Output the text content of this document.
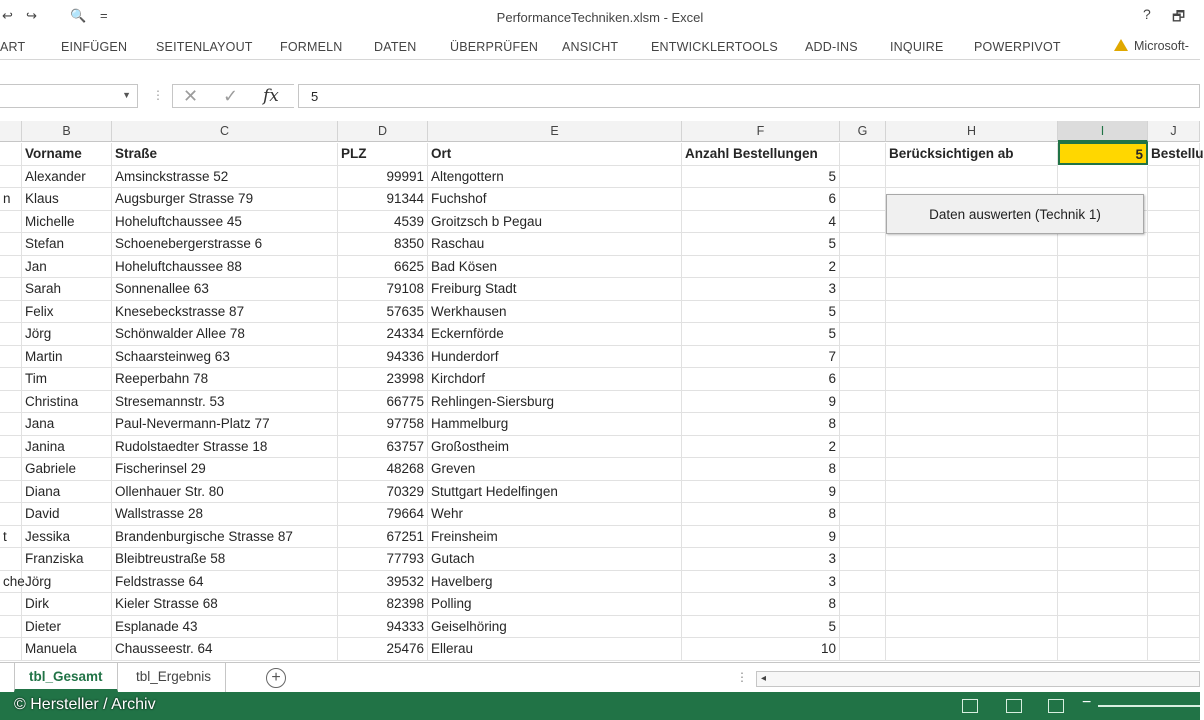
↩ ↪	🔍 =	PerformanceTechniken.xlsm - Excel	? 🗗
ART	EINFÜGEN SEITENLAYOUT FORMELN	DATEN	ÜBERPRÜFEN ANSICHT	ENTWICKLERTOOLS ADD-INS	INQUIRE POWERPIVOT	Microsoft-
▼ ⋮ ✕ ✓ fx	5
B	C	D	E	F	G	H	I	J
Vorname	Straße	PLZ	Ort	Anzahl Bestellungen	Berücksichtigen ab	5 Bestellu
Alexander	Amsinckstrasse 52	99991 Altengottern	5
n	Klaus	Augsburger Strasse 79	91344 Fuchshof	6
Michelle	Hoheluftchaussee 45	4539 Groitzsch b Pegau	4
Stefan	Schoenebergerstrasse 6	8350 Raschau	5
Jan	Hoheluftchaussee 88	6625 Bad Kösen	2
Sarah	Sonnenallee 63	79108 Freiburg Stadt	3
Felix	Knesebeckstrasse 87	57635 Werkhausen	5
Jörg	Schönwalder Allee 78	24334 Eckernförde	5
Martin	Schaarsteinweg 63	94336 Hunderdorf	7
Tim	Reeperbahn 78	23998 Kirchdorf	6
Christina	Stresemannstr. 53	66775 Rehlingen-Siersburg	9
Jana	Paul-Nevermann-Platz 77	97758 Hammelburg	8
Janina	Rudolstaedter Strasse 18	63757 Großostheim	2
Gabriele	Fischerinsel 29	48268 Greven	8
Diana	Ollenhauer Str. 80	70329 Stuttgart Hedelfingen	9
David	Wallstrasse 28	79664 Wehr	8
t	Jessika	Brandenburgische Strasse 87	67251 Freinsheim	9
Franziska	Bleibtreustraße 58	77793 Gutach	3
che Jörg	Feldstrasse 64	39532 Havelberg	3
Dirk	Kieler Strasse 68	82398 Polling	8
Dieter	Esplanade 43	94333 Geiselhöring	5
Manuela	Chausseestr. 64	25476 Ellerau	10
Daten auswerten (Technik 1)
tbl_Gesamt	tbl_Ergebnis	+	⋮ ◂
© Hersteller / Archiv	−
